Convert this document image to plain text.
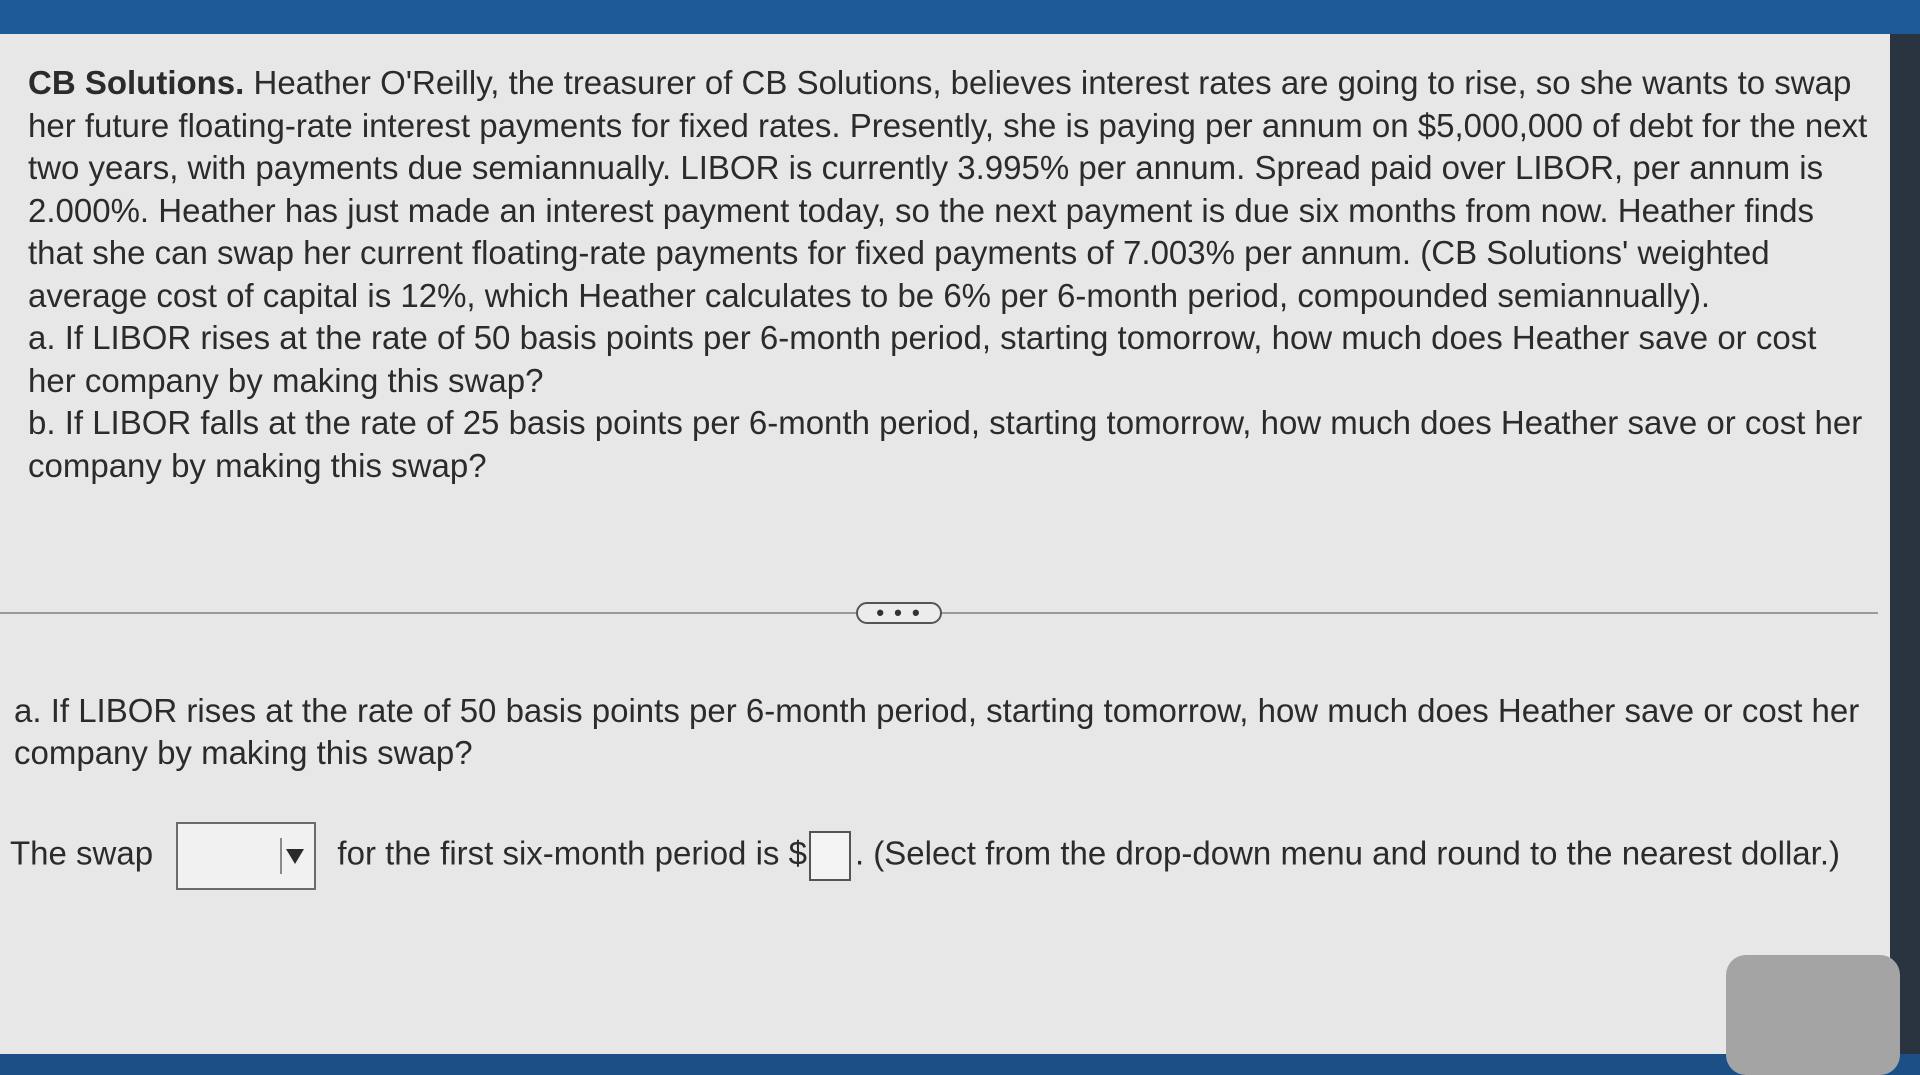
CB Solutions. Heather O'Reilly, the treasurer of CB Solutions, believes interest rates are going to rise, so she wants to swap her future floating-rate interest payments for fixed rates. Presently, she is paying per annum on $5,000,000 of debt for the next two years, with payments due semiannually. LIBOR is currently 3.995% per annum. Spread paid over LIBOR, per annum is 2.000%. Heather has just made an interest payment today, so the next payment is due six months from now. Heather finds that she can swap her current floating-rate payments for fixed payments of 7.003% per annum. (CB Solutions' weighted average cost of capital is 12%, which Heather calculates to be 6% per 6-month period, compounded semiannually).

a. If LIBOR rises at the rate of 50 basis points per 6-month period, starting tomorrow, how much does Heather save or cost her company by making this swap?

b. If LIBOR falls at the rate of 25 basis points per 6-month period, starting tomorrow, how much does Heather save or cost her company by making this swap?

• • •
a. If LIBOR rises at the rate of 50 basis points per 6-month period, starting tomorrow, how much does Heather save or cost her company by making this swap?
The swap	for the first six-month period is $ . (Select from the drop-down menu and round to the nearest dollar.)
